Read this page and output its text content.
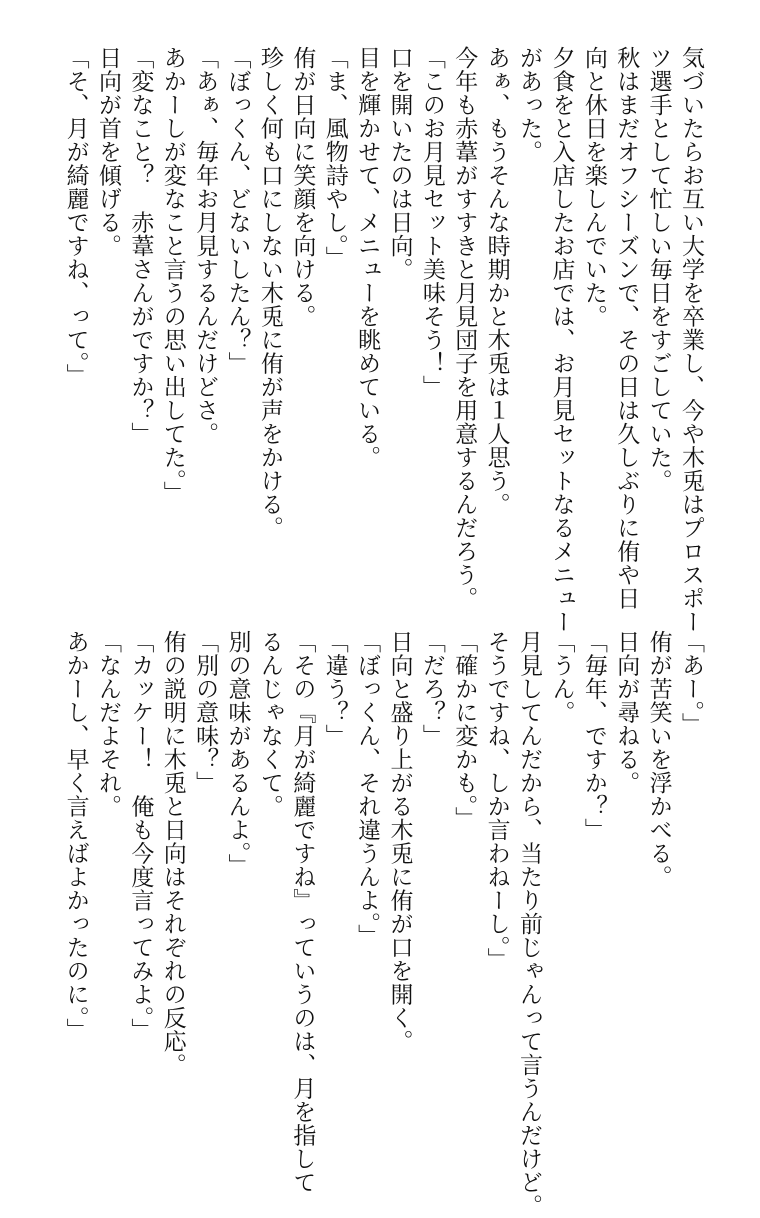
気づいたらお互い大学を卒業し、今や木兎はプロスポー
ツ選手として忙しい毎日をすごしていた。
秋はまだオフシーズンで、その日は久しぶりに侑や日
向と休日を楽しんでいた。
夕食をと入店したお店では、お月見セットなるメニュー
があった。
あぁ、もうそんな時期かと木兎は１人思う。
今年も赤葦がすすきと月見団子を用意するんだろう。
「このお月見セット美味そう！」
口を開いたのは日向。
目を輝かせて、メニューを眺めている。
「ま、風物詩やし。」
侑が日向に笑顔を向ける。
珍しく何も口にしない木兎に侑が声をかける。
「ぼっくん、どないしたん？」
「あぁ、毎年お月見するんだけどさ。
あかーしが変なこと言うの思い出してた。」
「変なこと？　赤葦さんがですか？」
日向が首を傾げる。
「そ、月が綺麗ですね、って。」
「あー。」
侑が苦笑いを浮かべる。
日向が尋ねる。
「毎年、ですか？」
「うん。
月見してんだから、当たり前じゃんって言うんだけど。
そうですね、しか言わねーし。」
「確かに変かも。」
「だろ？」
日向と盛り上がる木兎に侑が口を開く。
「ぼっくん、それ違うんよ。」
「違う？」
「その『月が綺麗ですね』っていうのは、月を指して
るんじゃなくて。
別の意味があるんよ。」
「別の意味？」
侑の説明に木兎と日向はそれぞれの反応。
「カッケー！　俺も今度言ってみよ。」
「なんだよそれ。
あかーし、早く言えばよかったのに。」
